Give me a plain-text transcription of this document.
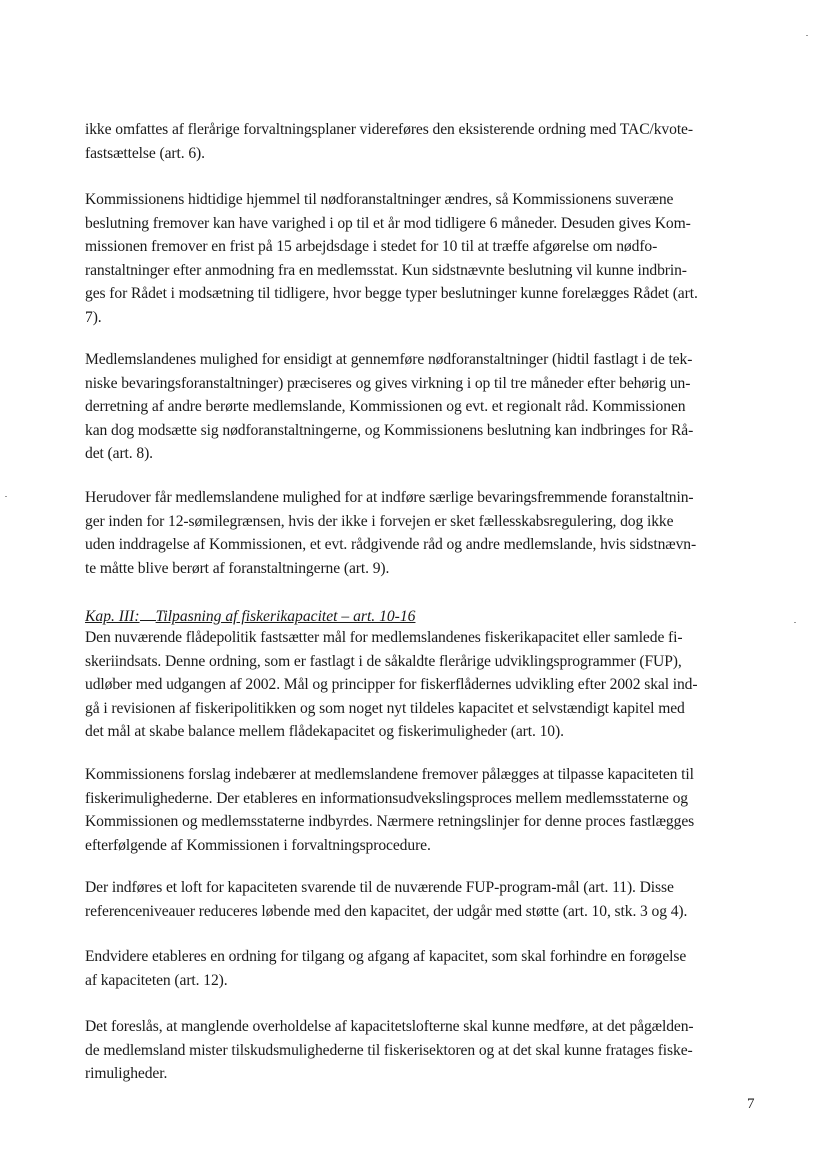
ikke omfattes af flerårige forvaltningsplaner videreføres den eksisterende ordning med TAC/kvote-
fastsættelse (art. 6).

Kommissionens hidtidige hjemmel til nødforanstaltninger ændres, så Kommissionens suveræne
beslutning fremover kan have varighed i op til et år mod tidligere 6 måneder. Desuden gives Kom-
missionen fremover en frist på 15 arbejdsdage i stedet for 10 til at træffe afgørelse om nødfo-
ranstaltninger efter anmodning fra en medlemsstat. Kun sidstnævnte beslutning vil kunne indbrin-
ges for Rådet i modsætning til tidligere, hvor begge typer beslutninger kunne forelægges Rådet (art.
7).

Medlemslandenes mulighed for ensidigt at gennemføre nødforanstaltninger (hidtil fastlagt i de tek-
niske bevaringsforanstaltninger) præciseres og gives virkning i op til tre måneder efter behørig un-
derretning af andre berørte medlemslande, Kommissionen og evt. et regionalt råd. Kommissionen
kan dog modsætte sig nødforanstaltningerne, og Kommissionens beslutning kan indbringes for Rå-
det (art. 8).

Herudover får medlemslandene mulighed for at indføre særlige bevaringsfremmende foranstaltnin-
ger inden for 12-sømilegrænsen, hvis der ikke i forvejen er sket fællesskabsregulering, dog ikke
uden inddragelse af Kommissionen, et evt. rådgivende råd og andre medlemslande, hvis sidstnævn-
te måtte blive berørt af foranstaltningerne (art. 9).

Kap. III: Tilpasning af fiskerikapacitet – art. 10-16

Den nuværende flådepolitik fastsætter mål for medlemslandenes fiskerikapacitet eller samlede fi-
skeriindsats. Denne ordning, som er fastlagt i de såkaldte flerårige udviklingsprogrammer (FUP),
udløber med udgangen af 2002. Mål og principper for fiskerflådernes udvikling efter 2002 skal ind-
gå i revisionen af fiskeripolitikken og som noget nyt tildeles kapacitet et selvstændigt kapitel med
det mål at skabe balance mellem flådekapacitet og fiskerimuligheder (art. 10).

Kommissionens forslag indebærer at medlemslandene fremover pålægges at tilpasse kapaciteten til
fiskerimulighederne. Der etableres en informationsudvekslingsproces mellem medlemsstaterne og
Kommissionen og medlemsstaterne indbyrdes. Nærmere retningslinjer for denne proces fastlægges
efterfølgende af Kommissionen i forvaltningsprocedure.

Der indføres et loft for kapaciteten svarende til de nuværende FUP-program-mål (art. 11). Disse
referenceniveauer reduceres løbende med den kapacitet, der udgår med støtte (art. 10, stk. 3 og 4).

Endvidere etableres en ordning for tilgang og afgang af kapacitet, som skal forhindre en forøgelse
af kapaciteten (art. 12).

Det foreslås, at manglende overholdelse af kapacitetslofterne skal kunne medføre, at det pågælden-
de medlemsland mister tilskudsmulighederne til fiskerisektoren og at det skal kunne fratages fiske-
rimuligheder.

7
